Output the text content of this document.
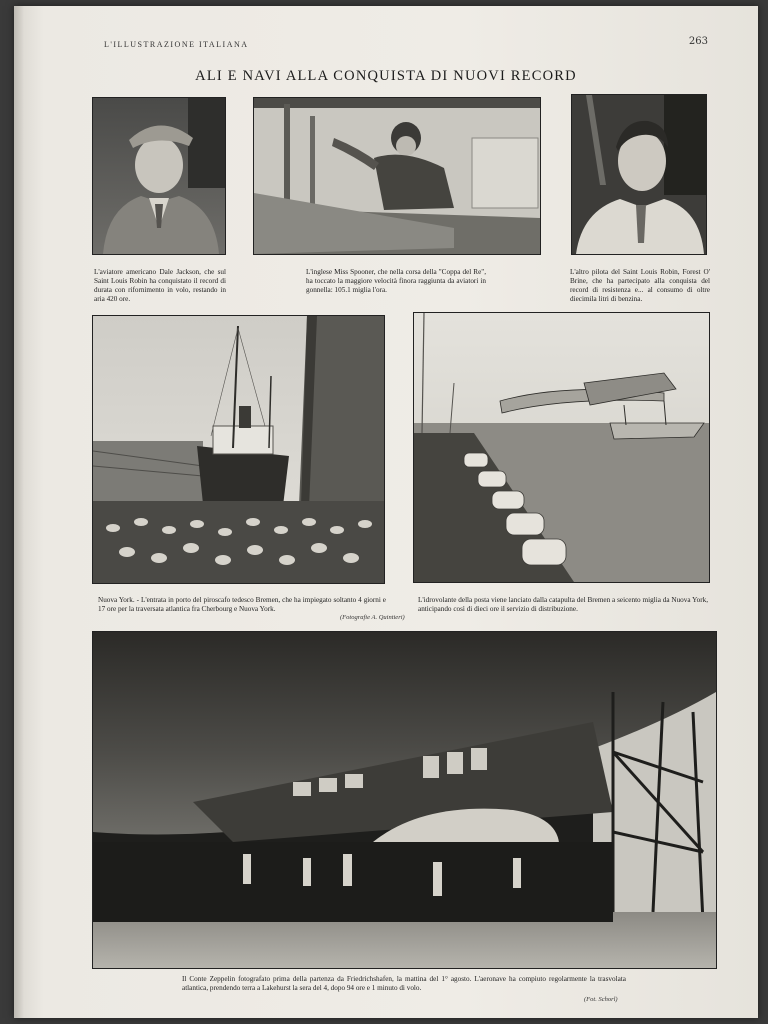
L'ILLUSTRAZIONE ITALIANA	263
ALI E NAVI ALLA CONQUISTA DI NUOVI RECORD
L'aviatore americano Dale Jackson, che sul Saint Louis Robin ha conquistato il record di durata con rifornimento in volo, restando in aria 420 ore.
L'inglese Miss Spooner, che nella corsa della "Coppa del Re", ha toccato la maggiore velocità finora raggiunta da aviatori in gonnella: 105.1 miglia l'ora.
L'altro pilota del Saint Louis Robin, Forest O' Brine, che ha partecipato alla conquista del record di resistenza e... al consumo di oltre diecimila litri di benzina.
Nuova York. - L'entrata in porto del piroscafo tedesco Bremen, che ha impiegato soltanto 4 giorni e 17 ore per la traversata atlantica fra Cherbourg e Nuova York.
(Fotografie A. Quintieri)
L'idrovolante della posta viene lanciato dalla catapulta del Bremen a seicento miglia da Nuova York, anticipando così di dieci ore il servizio di distribuzione.
Il Conte Zeppelin fotografato prima della partenza da Friedrichshafen, la mattina del 1° agosto. L'aeronave ha compiuto regolarmente la trasvolata atlantica, prendendo terra a Lakehurst la sera del 4, dopo 94 ore e 1 minuto di volo.
(Fot. Schorl)
